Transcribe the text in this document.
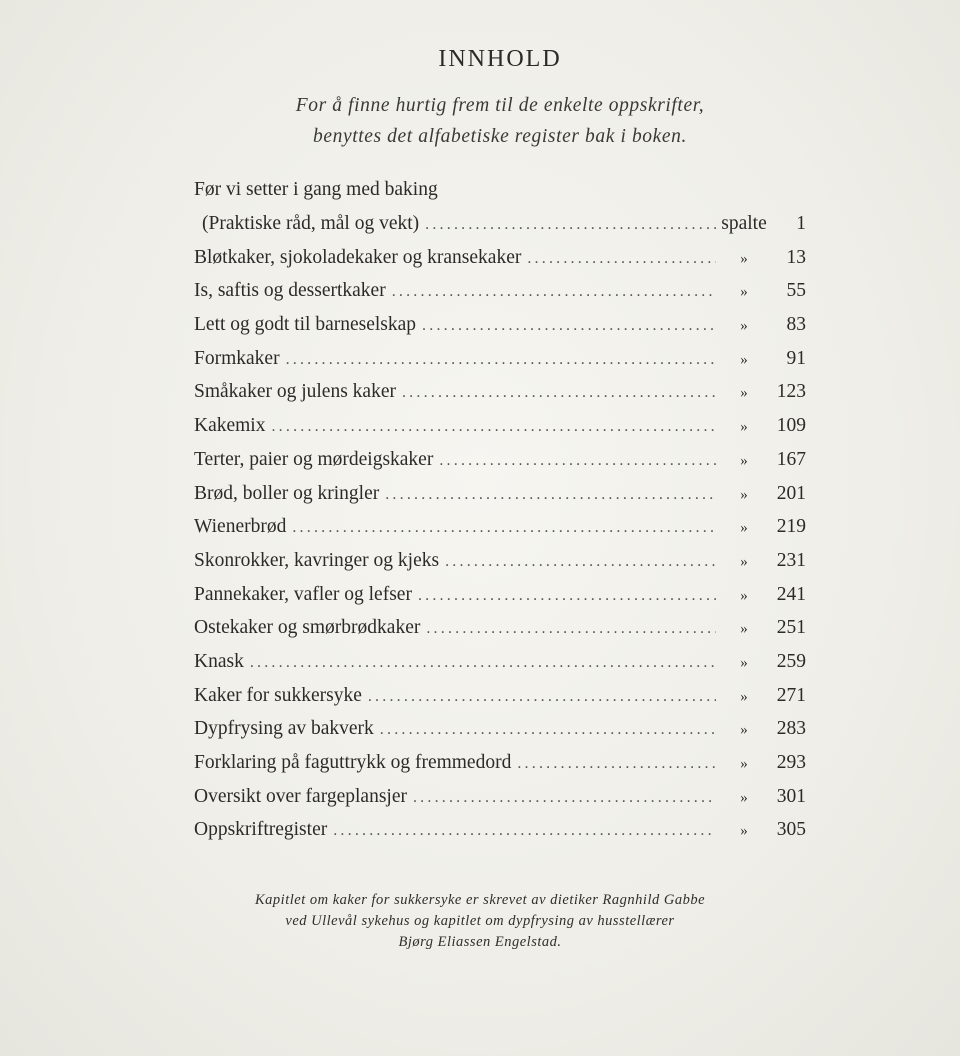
INNHOLD
For å finne hurtig frem til de enkelte oppskrifter,
benyttes det alfabetiske register bak i boken.
Før vi setter i gang med baking
(Praktiske råd, mål og vekt) .....	spalte	1
Bløtkaker, sjokoladekaker og kransekaker .....	»	13
Is, saftis og dessertkaker .....	»	55
Lett og godt til barneselskap .....	»	83
Formkaker .....	»	91
Småkaker og julens kaker .....	»	123
Kakemix .....	»	109
Terter, paier og mørdeigskaker .....	»	167
Brød, boller og kringler .....	»	201
Wienerbrød .....	»	219
Skonrokker, kavringer og kjeks .....	»	231
Pannekaker, vafler og lefser .....	»	241
Ostekaker og smørbrødkaker .....	»	251
Knask .....	»	259
Kaker for sukkersyke .....	»	271
Dypfrysing av bakverk .....	»	283
Forklaring på faguttrykk og fremmedord .....	»	293
Oversikt over fargeplansjer .....	»	301
Oppskriftregister .....	»	305
Kapitlet om kaker for sukkersyke er skrevet av dietiker Ragnhild Gabbe
ved Ullevål sykehus og kapitlet om dypfrysing av husstellærer
Bjørg Eliassen Engelstad.
